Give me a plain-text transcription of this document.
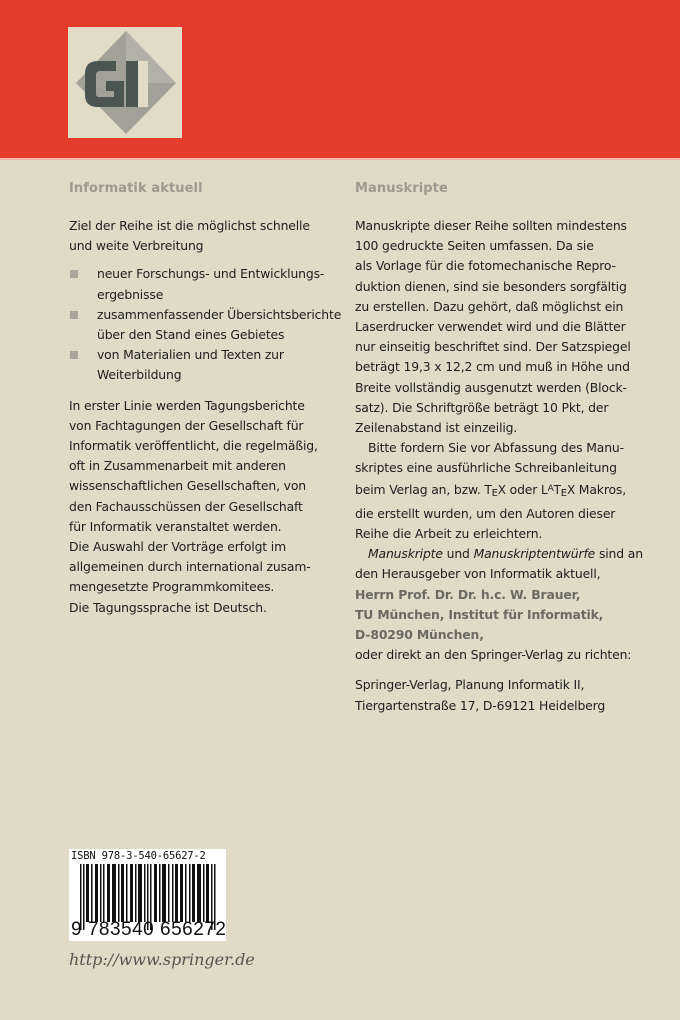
Informatik aktuell

Ziel der Reihe ist die möglichst schnelle
und weite Verbreitung

neuer Forschungs- und Entwicklungs-
ergebnisse
zusammenfassender Übersichtsberichte
über den Stand eines Gebietes
von Materialien und Texten zur
Weiterbildung

In erster Linie werden Tagungsberichte
von Fachtagungen der Gesellschaft für
Informatik veröffentlicht, die regelmäßig,
oft in Zusammenarbeit mit anderen
wissenschaftlichen Gesellschaften, von
den Fachausschüssen der Gesellschaft
für Informatik veranstaltet werden.
Die Auswahl der Vorträge erfolgt im
allgemeinen durch international zusam-
mengesetzte Programmkomitees.
Die Tagungssprache ist Deutsch.

Manuskripte

Manuskripte dieser Reihe sollten mindestens
100 gedruckte Seiten umfassen. Da sie
als Vorlage für die fotomechanische Repro-
duktion dienen, sind sie besonders sorgfältig
zu erstellen. Dazu gehört, daß möglichst ein
Laserdrucker verwendet wird und die Blätter
nur einseitig beschriftet sind. Der Satzspiegel
beträgt 19,3 x 12,2 cm und muß in Höhe und
Breite vollständig ausgenutzt werden (Block-
satz). Die Schriftgröße beträgt 10 Pkt, der
Zeilenabstand ist einzeilig.

Bitte fordern Sie vor Abfassung des Manu-
skriptes eine ausführliche Schreibanleitung
beim Verlag an, bzw. $T_EX$ oder $L^AT_EX$ Makros,
die erstellt wurden, um den Autoren dieser
Reihe die Arbeit zu erleichtern.

Manuskripte und Manuskriptentwürfe sind an
den Herausgeber von Informatik aktuell,
Herrn Prof. Dr. Dr. h.c. W. Brauer,
TU München, Institut für Informatik,
D-80290 München,
oder direkt an den Springer-Verlag zu richten:

Springer-Verlag, Planung Informatik II,
Tiergartenstraße 17, D-69121 Heidelberg

ISBN 978-3-540-65627-2
9 783540 656272
http://www.springer.de
